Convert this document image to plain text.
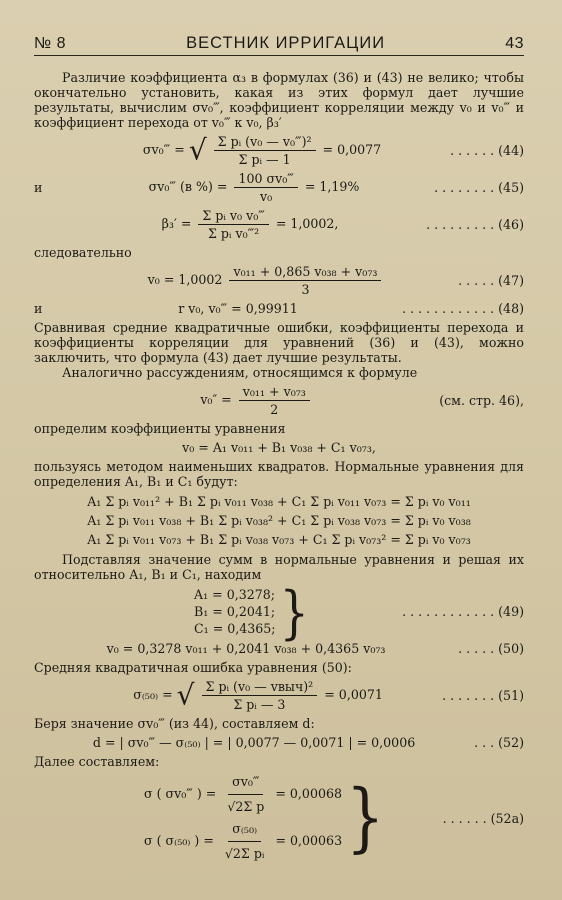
№ 8	ВЕСТНИК ИРРИГАЦИИ	43

Различие коэффициента α₃ в формулах (36) и (43) не велико; чтобы окончательно установить, какая из этих формул дает лучшие результаты, вычислим σv₀‴, коэффициент корреляции между v₀ и v₀‴ и коэффициент перехода от v₀‴ к v₀, β₃′

σv₀‴ = √ $\frac{\text{Σ pᵢ (v₀ — v₀‴)²}}{\text{Σ pᵢ — 1}} = 0,0077$	. . . . . . (44)
и	σv₀‴ (в %) = $\frac{\text{100 σv₀‴}}{\text{v₀}} = 1,19\%$	. . . . . . . . (45)
$\beta_3' = \frac{\text{Σ pᵢ v₀ v₀‴}}{\text{Σ pᵢ v₀‴²}} = 1,0002$,	. . . . . . . . . (46)

следовательно

$v_0 = 1,0002 \frac{\text{v₀₁₁ + 0,865 v₀₃₈ + v₀₇₃}}{3}$	. . . . . (47)
и	r v₀, v₀‴ = 0,99911	. . . . . . . . . . . . (48)

Сравнивая средние квадратичные ошибки, коэффициенты перехода и коэффициенты корреляции для уравнений (36) и (43), можно заключить, что формула (43) дает лучшие результаты.

Аналогично рассуждениям, относящимся к формуле

$v_0'' = \frac{\text{v₀₁₁ + v₀₇₃}}{2}$	(см. стр. 46),

определим коэффициенты уравнения

v₀ = A₁ v₀₁₁ + B₁ v₀₃₈ + C₁ v₀₇₃,

пользуясь методом наименьших квадратов. Нормальные уравнения для определения A₁, B₁ и C₁ будут:

A₁ Σ pᵢ v₀₁₁² + B₁ Σ pᵢ v₀₁₁ v₀₃₈ + C₁ Σ pᵢ v₀₁₁ v₀₇₃ = Σ pᵢ v₀ v₀₁₁
A₁ Σ pᵢ v₀₁₁ v₀₃₈ + B₁ Σ pᵢ v₀₃₈² + C₁ Σ pᵢ v₀₃₈ v₀₇₃ = Σ pᵢ v₀ v₀₃₈
A₁ Σ pᵢ v₀₁₁ v₀₇₃ + B₁ Σ pᵢ v₀₃₈ v₀₇₃ + C₁ Σ pᵢ v₀₇₃² = Σ pᵢ v₀ v₀₇₃

Подставляя значение сумм в нормальные уравнения и решая их относительно A₁, B₁ и C₁, находим

A₁ = 0,3278;
B₁ = 0,2041;
C₁ = 0,4365; }	. . . . . . . . . . . . (49)
v₀ = 0,3278 v₀₁₁ + 0,2041 v₀₃₈ + 0,4365 v₀₇₃	. . . . . (50)

Средняя квадратичная ошибка уравнения (50):

σ₍₅₀₎ = √ $\frac{\text{Σ pᵢ (v₀ — vвыч)²}}{\text{Σ pᵢ — 3}} = 0,0071$	. . . . . . . (51)

Беря значение σv₀‴ (из 44), составляем d:

d = | σv₀‴ — σ₍₅₀₎ | = | 0,0077 — 0,0071 | = 0,0006	. . . (52)

Далее составляем:

σ ( σv₀‴ ) = $\frac{\text{σv₀‴}}{\text{√2Σ p}} = 0,00068$
σ ( σ₍₅₀₎ ) = $\frac{\text{σ₍₅₀₎}}{\text{√2Σ pᵢ}} = 0,00063$ }	. . . . . . (52a)
